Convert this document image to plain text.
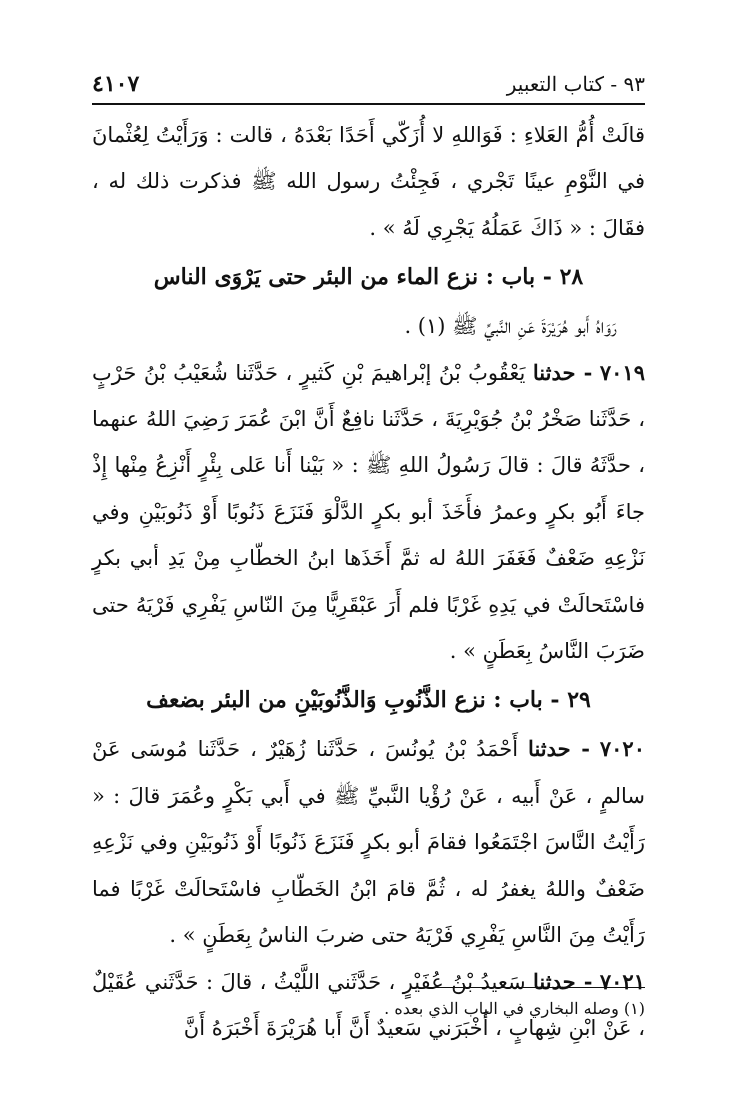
٩٣ - كتاب التعبير
٤١٠٧

قالَتْ أُمُّ العَلاءِ : فَوَاللهِ لا أُزَكّي أَحَدًا بَعْدَهُ ، قالت : وَرَأَيْتُ لِعُثْمانَ في النَّوْمِ عينًا تَجْري ، فَجِئْتُ رسول الله ﷺ فذكرت ذلك له ، فقَالَ : « ذَاكَ عَمَلُهُ يَجْرِي لَهُ » .

٢٨ - باب : نزع الماء من البئر حتى يَرْوَى الناس

رَوَاهُ أَبو هُرَيْرَةَ عَنِ النَّبيِّ ﷺ (١) .

٧٠١٩ - حدثنا يَعْقُوبُ بْنُ إبْراهيمَ بْنِ كَثيرٍ ، حَدَّثَنا شُعَيْبُ بْنُ حَرْبٍ ، حَدَّثَنا صَخْرُ بْنُ جُوَيْرِيَةَ ، حَدَّثَنا نافِعٌ أَنَّ ابْنَ عُمَرَ رَضِيَ اللهُ عنهما ، حدَّثَهُ قالَ : قالَ رَسُولُ اللهِ ﷺ : « بَيْنا أَنا عَلى بِئْرٍ أَنْزِعُ مِنْها إِذْ جاءَ أَبُو بكرٍ وعمرُ فأَخَذَ أبو بكرٍ الدَّلْوَ فَنَزَعَ ذَنُوبًا أَوْ ذَنُوبَيْنِ وفي نَزْعِهِ ضَعْفٌ فَغَفَرَ اللهُ له ثمَّ أَخَذَها ابنُ الخطّابِ مِنْ يَدِ أبي بكرٍ فاسْتَحالَتْ في يَدِهِ غَرْبًا فلم أَرَ عَبْقَرِيًّا مِنَ النّاسِ يَفْرِي فَرْيَهُ حتى ضَرَبَ النَّاسُ بِعَطَنٍ » .

٢٩ - باب : نزع الذَّنُوبِ وَالذَّنُوبَيْنِ من البئر بضعف

٧٠٢٠ - حدثنا أَحْمَدُ بْنُ يُونُسَ ، حَدَّثَنا زُهَيْرٌ ، حَدَّثَنا مُوسَى عَنْ سالمٍ ، عَنْ أَبيه ، عَنْ رُؤْيا النَّبيِّ ﷺ في أَبي بَكْرٍ وعُمَرَ قالَ : « رَأَيْتُ النَّاسَ اجْتَمَعُوا فقامَ أبو بكرٍ فَنَزَعَ ذَنُوبًا أَوْ ذَنُوبَيْنِ وفي نَزْعِهِ ضَعْفٌ واللهُ يغفرُ له ، ثُمَّ قامَ ابْنُ الخَطّابِ فاسْتَحالَتْ غَرْبًا فما رَأَيْتُ مِنَ النَّاسِ يَفْرِي فَرْيَهُ حتى ضربَ الناسُ بِعَطَنٍ » .

٧٠٢١ - حدثنا سَعيدُ بْنُ عُفَيْرٍ ، حَدَّثَني اللَّيْثُ ، قالَ : حَدَّثَني عُقَيْلٌ ، عَنْ ابْنِ شِهابٍ ، أَخْبَرَني سَعيدٌ أَنَّ أَبا هُرَيْرَةَ أَخْبَرَهُ أَنَّ

(١) وصله البخاري في الباب الذي بعده .
